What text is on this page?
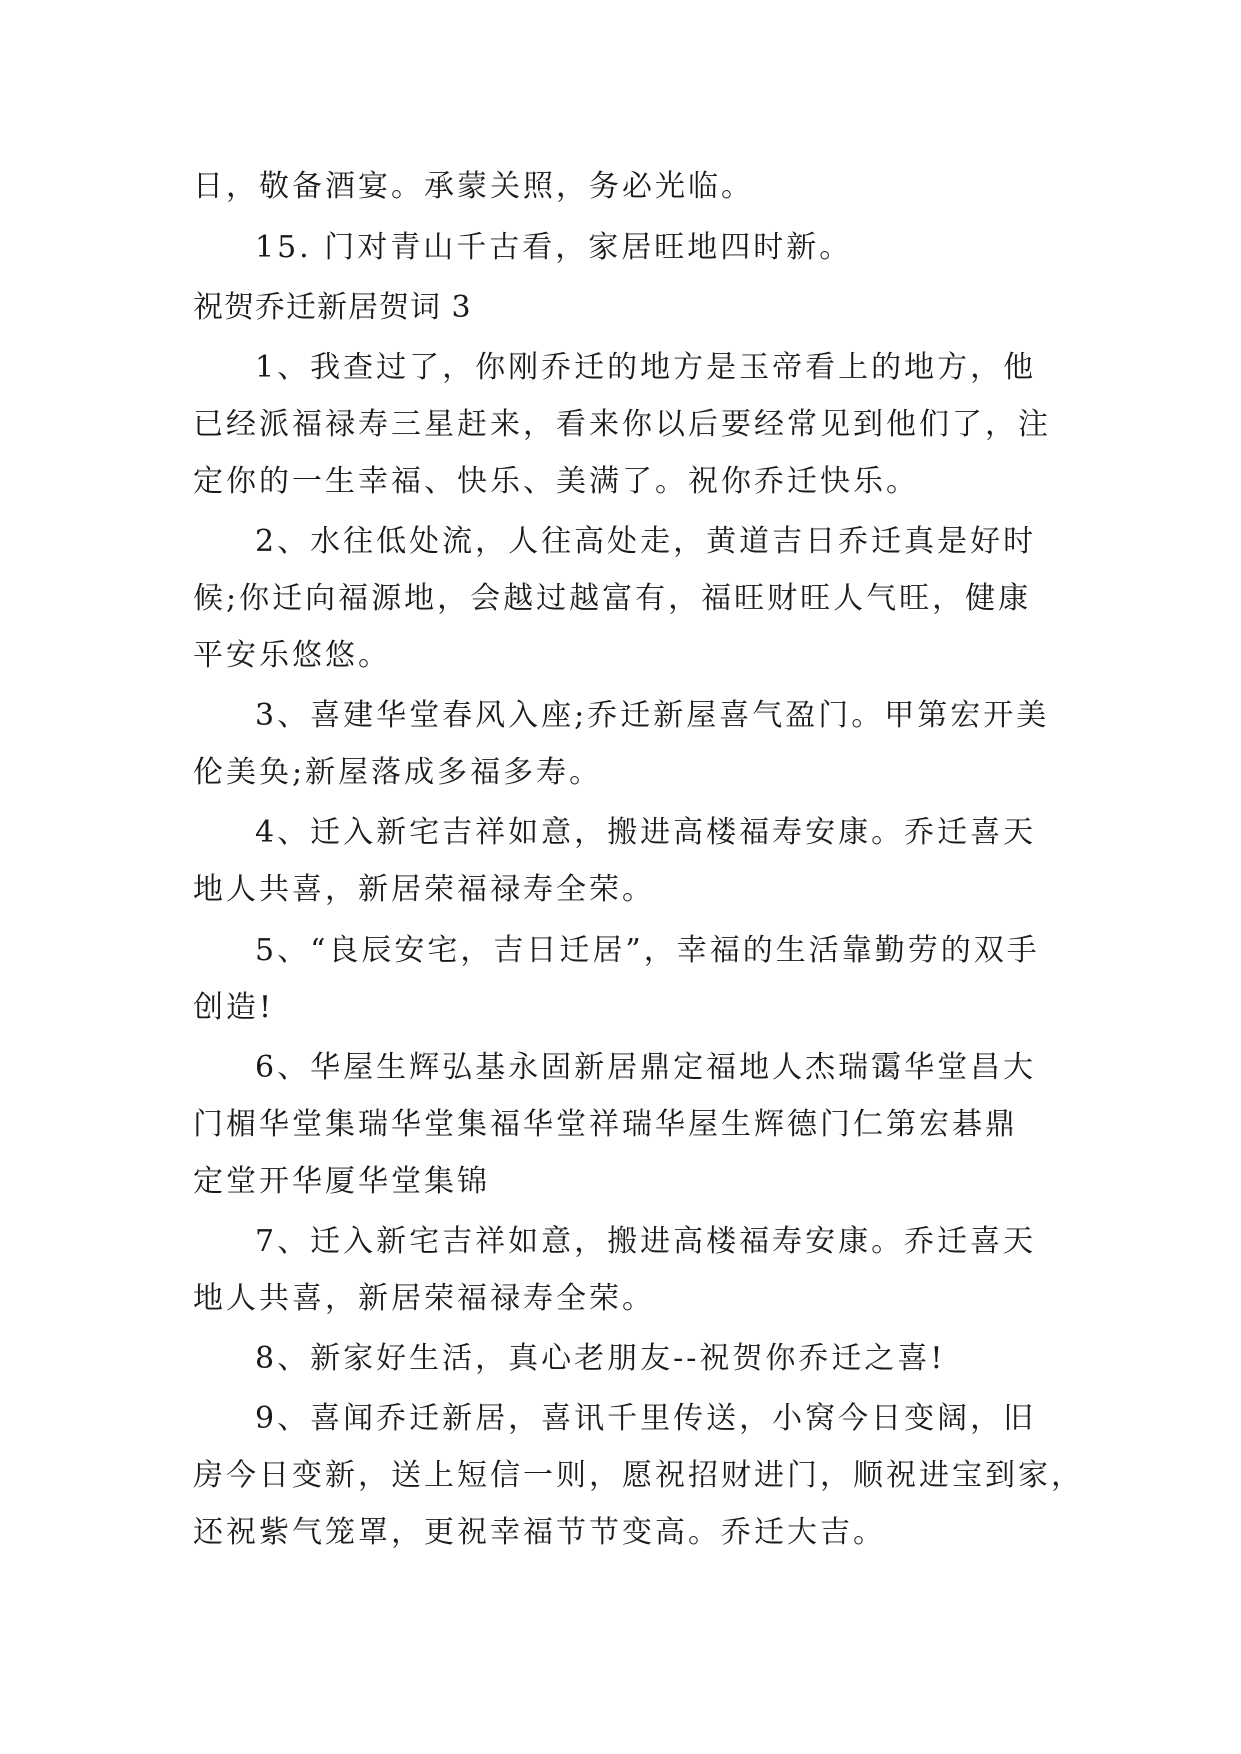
日，敬备酒宴。承蒙关照，务必光临。
15. 门对青山千古看，家居旺地四时新。
祝贺乔迁新居贺词 3
1、我查过了，你刚乔迁的地方是玉帝看上的地方，他
已经派福禄寿三星赶来，看来你以后要经常见到他们了，注
定你的一生幸福、快乐、美满了。祝你乔迁快乐。
2、水往低处流，人往高处走，黄道吉日乔迁真是好时
候;你迁向福源地，会越过越富有，福旺财旺人气旺，健康
平安乐悠悠。
3、喜建华堂春风入座;乔迁新屋喜气盈门。甲第宏开美
伦美奂;新屋落成多福多寿。
4、迁入新宅吉祥如意，搬进高楼福寿安康。乔迁喜天
地人共喜，新居荣福禄寿全荣。
5、“良辰安宅，吉日迁居”，幸福的生活靠勤劳的双手
创造!
6、华屋生辉弘基永固新居鼎定福地人杰瑞霭华堂昌大
门楣华堂集瑞华堂集福华堂祥瑞华屋生辉德门仁第宏碁鼎
定堂开华厦华堂集锦
7、迁入新宅吉祥如意，搬进高楼福寿安康。乔迁喜天
地人共喜，新居荣福禄寿全荣。
8、新家好生活，真心老朋友--祝贺你乔迁之喜!
9、喜闻乔迁新居，喜讯千里传送，小窝今日变阔，旧
房今日变新，送上短信一则，愿祝招财进门，顺祝进宝到家，
还祝紫气笼罩，更祝幸福节节变高。乔迁大吉。
